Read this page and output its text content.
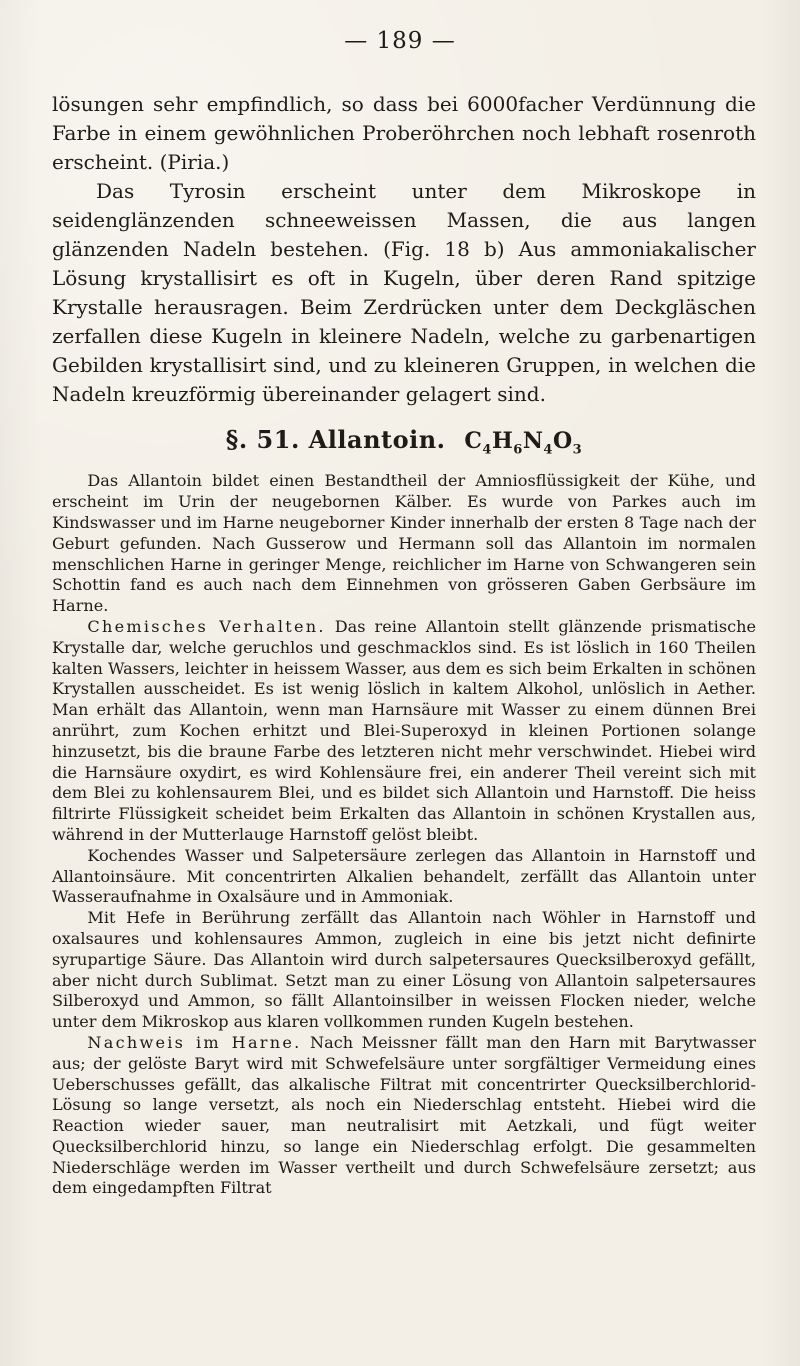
— 189 —

lösungen sehr empfindlich, so dass bei 6000facher Verdünnung die Farbe in einem gewöhnlichen Proberöhrchen noch lebhaft rosenroth erscheint. (Piria.)

Das Tyrosin erscheint unter dem Mikroskope in seidenglänzenden schneeweissen Massen, die aus langen glänzenden Nadeln bestehen. (Fig. 18 b) Aus ammoniakalischer Lösung krystallisirt es oft in Kugeln, über deren Rand spitzige Krystalle herausragen. Beim Zerdrücken unter dem Deckgläschen zerfallen diese Kugeln in kleinere Nadeln, welche zu garbenartigen Gebilden krystallisirt sind, und zu kleineren Gruppen, in welchen die Nadeln kreuzförmig übereinander gelagert sind.

§. 51. Allantoin. $C_4H_6N_4O_3$

Das Allantoin bildet einen Bestandtheil der Amniosflüssigkeit der Kühe, und erscheint im Urin der neugebornen Kälber. Es wurde von Parkes auch im Kindswasser und im Harne neugeborner Kinder innerhalb der ersten 8 Tage nach der Geburt gefunden. Nach Gusserow und Hermann soll das Allantoin im normalen menschlichen Harne in geringer Menge, reichlicher im Harne von Schwangeren sein Schottin fand es auch nach dem Einnehmen von grösseren Gaben Gerbsäure im Harne.

Chemisches Verhalten. Das reine Allantoin stellt glänzende prismatische Krystalle dar, welche geruchlos und geschmacklos sind. Es ist löslich in 160 Theilen kalten Wassers, leichter in heissem Wasser, aus dem es sich beim Erkalten in schönen Krystallen ausscheidet. Es ist wenig löslich in kaltem Alkohol, unlöslich in Aether. Man erhält das Allantoin, wenn man Harnsäure mit Wasser zu einem dünnen Brei anrührt, zum Kochen erhitzt und Blei-Superoxyd in kleinen Portionen solange hinzusetzt, bis die braune Farbe des letzteren nicht mehr verschwindet. Hiebei wird die Harnsäure oxydirt, es wird Kohlensäure frei, ein anderer Theil vereint sich mit dem Blei zu kohlensaurem Blei, und es bildet sich Allantoin und Harnstoff. Die heiss filtrirte Flüssigkeit scheidet beim Erkalten das Allantoin in schönen Krystallen aus, während in der Mutterlauge Harnstoff gelöst bleibt.

Kochendes Wasser und Salpetersäure zerlegen das Allantoin in Harnstoff und Allantoinsäure. Mit concentrirten Alkalien behandelt, zerfällt das Allantoin unter Wasseraufnahme in Oxalsäure und in Ammoniak.

Mit Hefe in Berührung zerfällt das Allantoin nach Wöhler in Harnstoff und oxalsaures und kohlensaures Ammon, zugleich in eine bis jetzt nicht definirte syrupartige Säure. Das Allantoin wird durch salpetersaures Quecksilberoxyd gefällt, aber nicht durch Sublimat. Setzt man zu einer Lösung von Allantoin salpetersaures Silberoxyd und Ammon, so fällt Allantoinsilber in weissen Flocken nieder, welche unter dem Mikroskop aus klaren vollkommen runden Kugeln bestehen.

Nachweis im Harne. Nach Meissner fällt man den Harn mit Barytwasser aus; der gelöste Baryt wird mit Schwefelsäure unter sorgfältiger Vermeidung eines Ueberschusses gefällt, das alkalische Filtrat mit concentrirter Quecksilberchlorid-Lösung so lange versetzt, als noch ein Niederschlag entsteht. Hiebei wird die Reaction wieder sauer, man neutralisirt mit Aetzkali, und fügt weiter Quecksilberchlorid hinzu, so lange ein Niederschlag erfolgt. Die gesammelten Niederschläge werden im Wasser vertheilt und durch Schwefelsäure zersetzt; aus dem eingedampften Filtrat
